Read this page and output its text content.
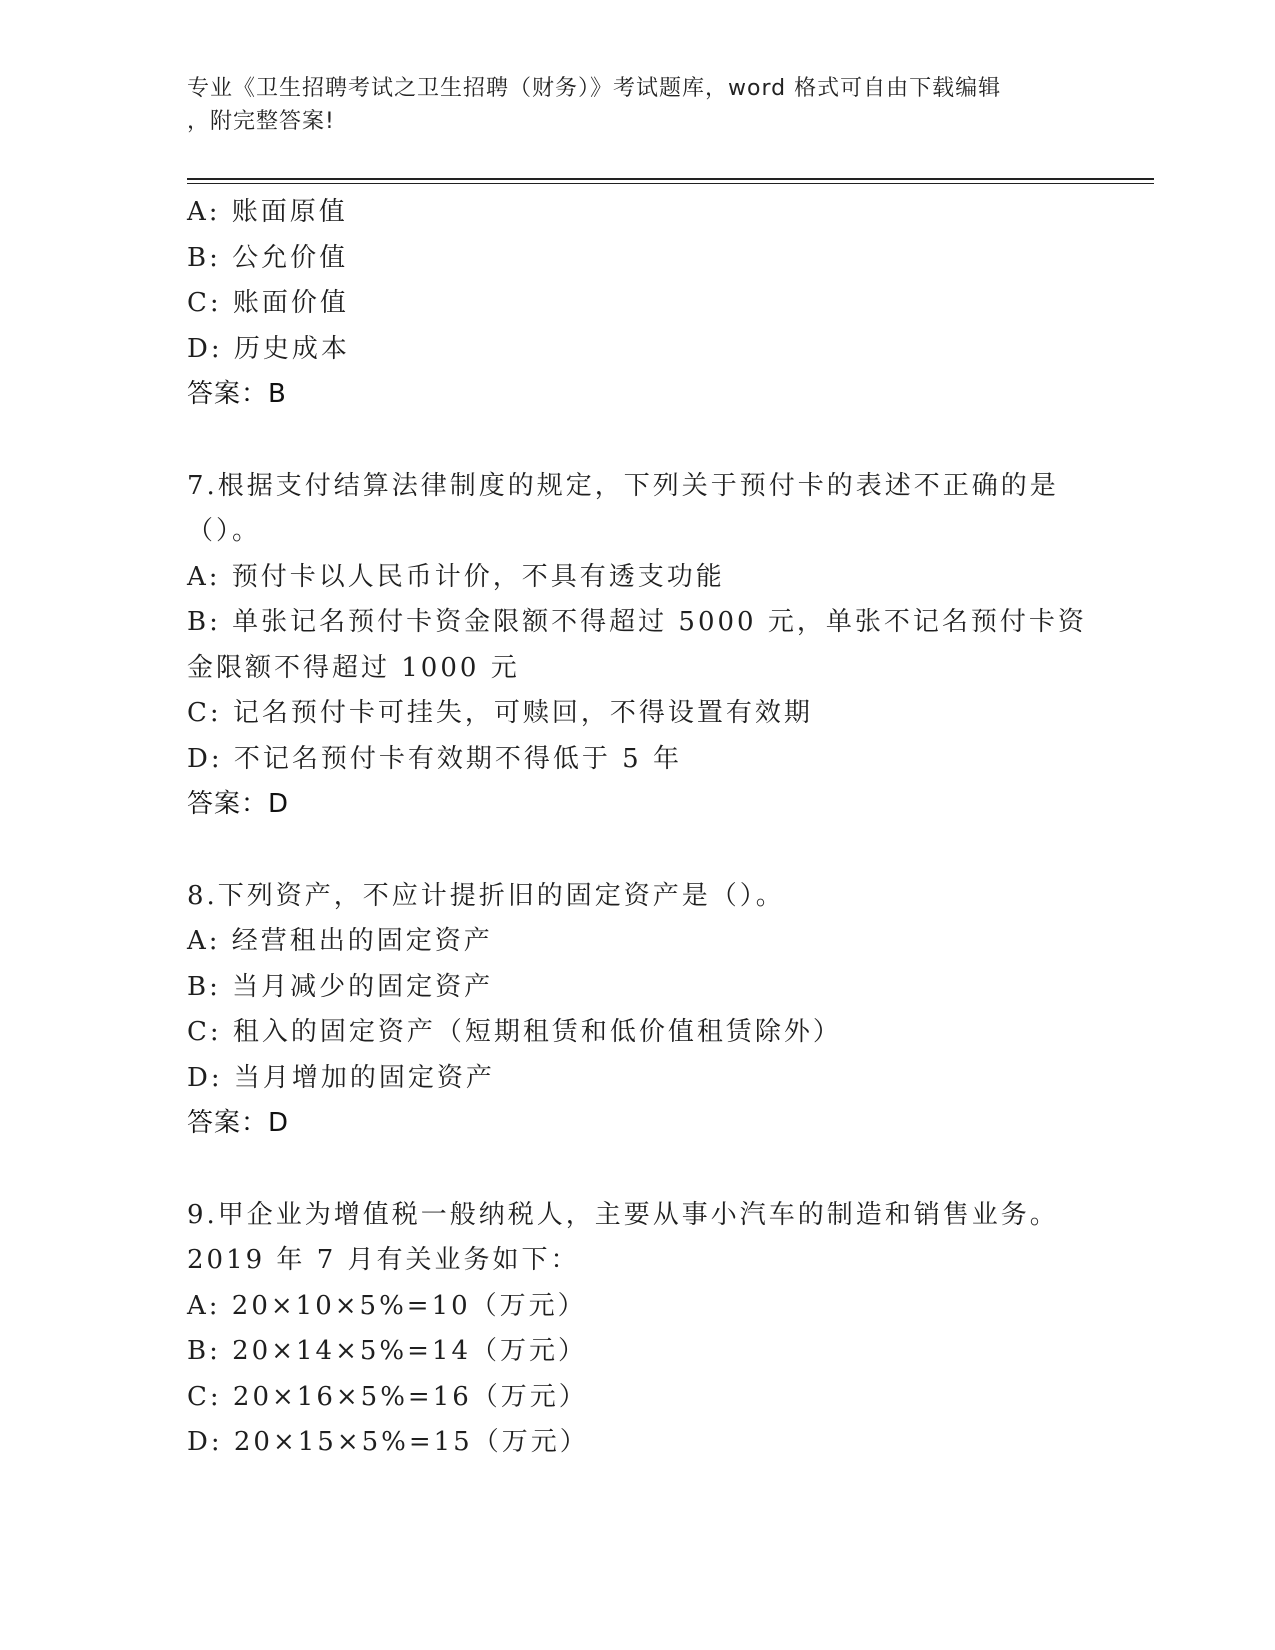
专业《卫生招聘考试之卫生招聘（财务）》考试题库，word 格式可自由下载编辑
，附完整答案!
A: 账面原值
B: 公允价值
C: 账面价值
D: 历史成本
答案：B
7.根据支付结算法律制度的规定，下列关于预付卡的表述不正确的是
（）。
A: 预付卡以人民币计价，不具有透支功能
B: 单张记名预付卡资金限额不得超过 5000 元，单张不记名预付卡资
金限额不得超过 1000 元
C: 记名预付卡可挂失，可赎回，不得设置有效期
D: 不记名预付卡有效期不得低于 5 年
答案：D
8.下列资产，不应计提折旧的固定资产是（）。
A: 经营租出的固定资产
B: 当月减少的固定资产
C: 租入的固定资产（短期租赁和低价值租赁除外）
D: 当月增加的固定资产
答案：D
9.甲企业为增值税一般纳税人，主要从事小汽车的制造和销售业务。
2019 年 7 月有关业务如下：
A: 20×10×5%=10（万元）
B: 20×14×5%=14（万元）
C: 20×16×5%=16（万元）
D: 20×15×5%=15（万元）
